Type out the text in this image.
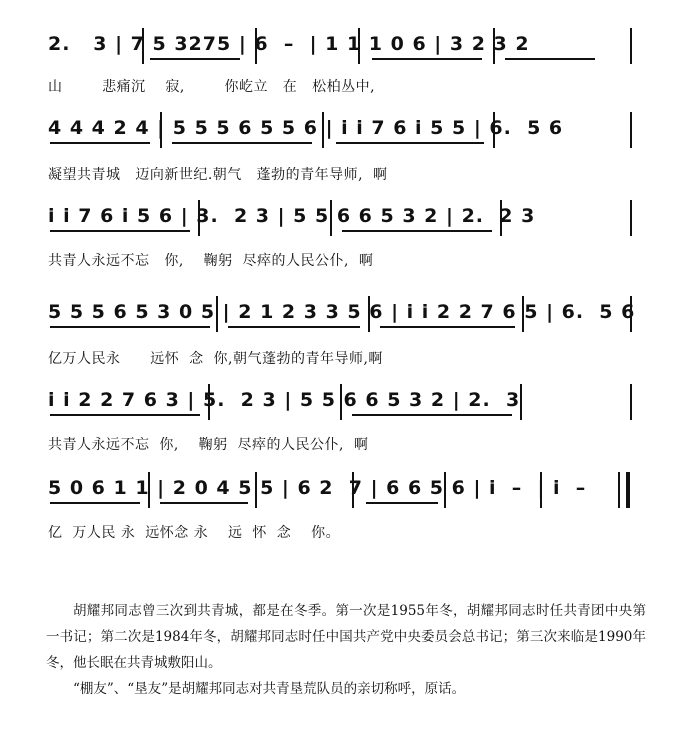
2.   3 | 7 5 3275 | 6  –  | 1 1 1 0 6 | 3 2 3 2
山        悲痛沉    寂,        你屹立   在   松柏丛中,
4 4 4 2 4 | 5 5 5 6 5 5 6 | i i 7 6 i 5 5 | 6.  5 6
凝望共青城   迈向新世纪.朝气   蓬勃的青年导师,  啊
i i 7 6 i 5 6 | 3.  2 3 | 5 5 6 6 5 3 2 | 2.  2 3
共青人永远不忘   你,    鞠躬  尽瘁的人民公仆,  啊
5 5 5 6 5 3 0 5 | 2 1 2 3 3 5 6 | i i 2 2 7 6 5 | 6.  5 6
亿万人民永      远怀  念  你,朝气蓬勃的青年导师,啊
i i 2 2 7 6 3 | 5.  2 3 | 5 5 6 6 5 3 2 | 2.  3
共青人永远不忘  你,    鞠躬  尽瘁的人民公仆,  啊
5 0 6 1 1 | 2 0 4 5 5 | 6 2  7 | 6 6 5 6 | i  –  | i  –
亿  万人民 永  远怀念 永    远  怀  念    你。

胡耀邦同志曾三次到共青城，都是在冬季。第一次是1955年冬，胡耀邦同志时任共青团中央第一书记；第二次是1984年冬，胡耀邦同志时任中国共产党中央委员会总书记；第三次来临是1990年冬，他长眠在共青城敷阳山。

“棚友”、“垦友”是胡耀邦同志对共青垦荒队员的亲切称呼，原话。
